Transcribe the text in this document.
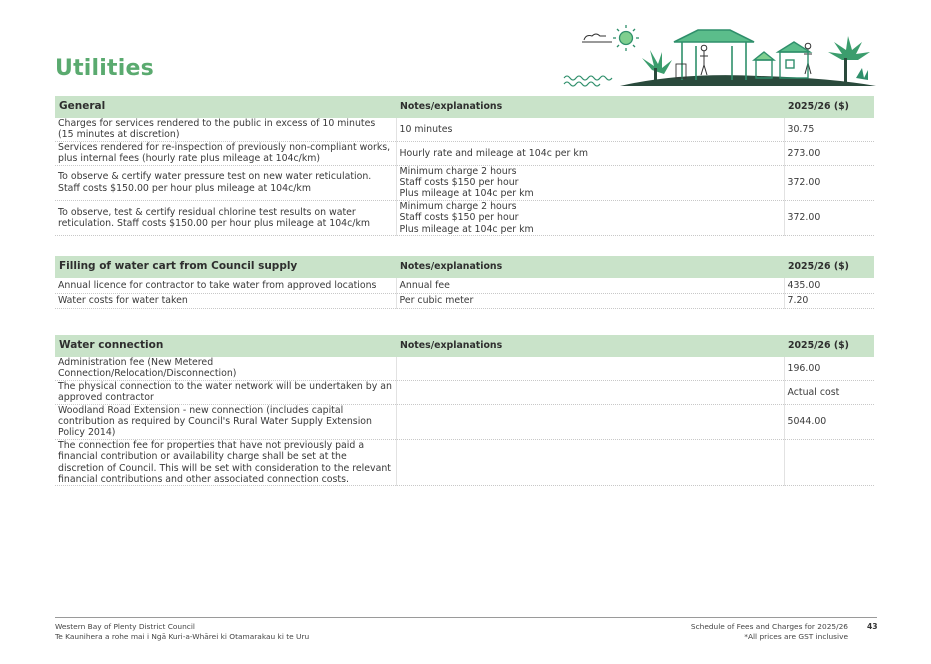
Utilities
General	Notes/explanations	2025/26 ($)
Charges for services rendered to the public in excess of 10 minutes (15 minutes at discretion)	10 minutes	30.75
Services rendered for re-inspection of previously non-compliant works, plus internal fees (hourly rate plus mileage at 104c/km)	Hourly rate and mileage at 104c per km	273.00
To observe & certify water pressure test on new water reticulation. Staff costs $150.00 per hour plus mileage at 104c/km	Minimum charge 2 hours
Staff costs $150 per hour
Plus mileage at 104c per km	372.00
To observe, test & certify residual chlorine test results on water reticulation. Staff costs $150.00 per hour plus mileage at 104c/km	Minimum charge 2 hours
Staff costs $150 per hour
Plus mileage at 104c per km	372.00
Filling of water cart from Council supply	Notes/explanations	2025/26 ($)
Annual licence for contractor to take water from approved locations	Annual fee	435.00
Water costs for water taken	Per cubic meter	7.20
Water connection	Notes/explanations	2025/26 ($)
Administration fee (New Metered Connection/Relocation/Disconnection)		196.00
The physical connection to the water network will be undertaken by an approved contractor		Actual cost
Woodland Road Extension - new connection (includes capital contribution as required by Council's Rural Water Supply Extension Policy 2014)		5044.00
The connection fee for properties that have not previously paid a financial contribution or availability charge shall be set at the discretion of Council. This will be set with consideration to the relevant financial contributions and other associated connection costs.		
Western Bay of Plenty District Council
Te Kaunihera a rohe mai i Ngā Kuri-a-Whārei ki Otamarakau ki te Uru
Schedule of Fees and Charges for 2025/26
*All prices are GST inclusive
43
